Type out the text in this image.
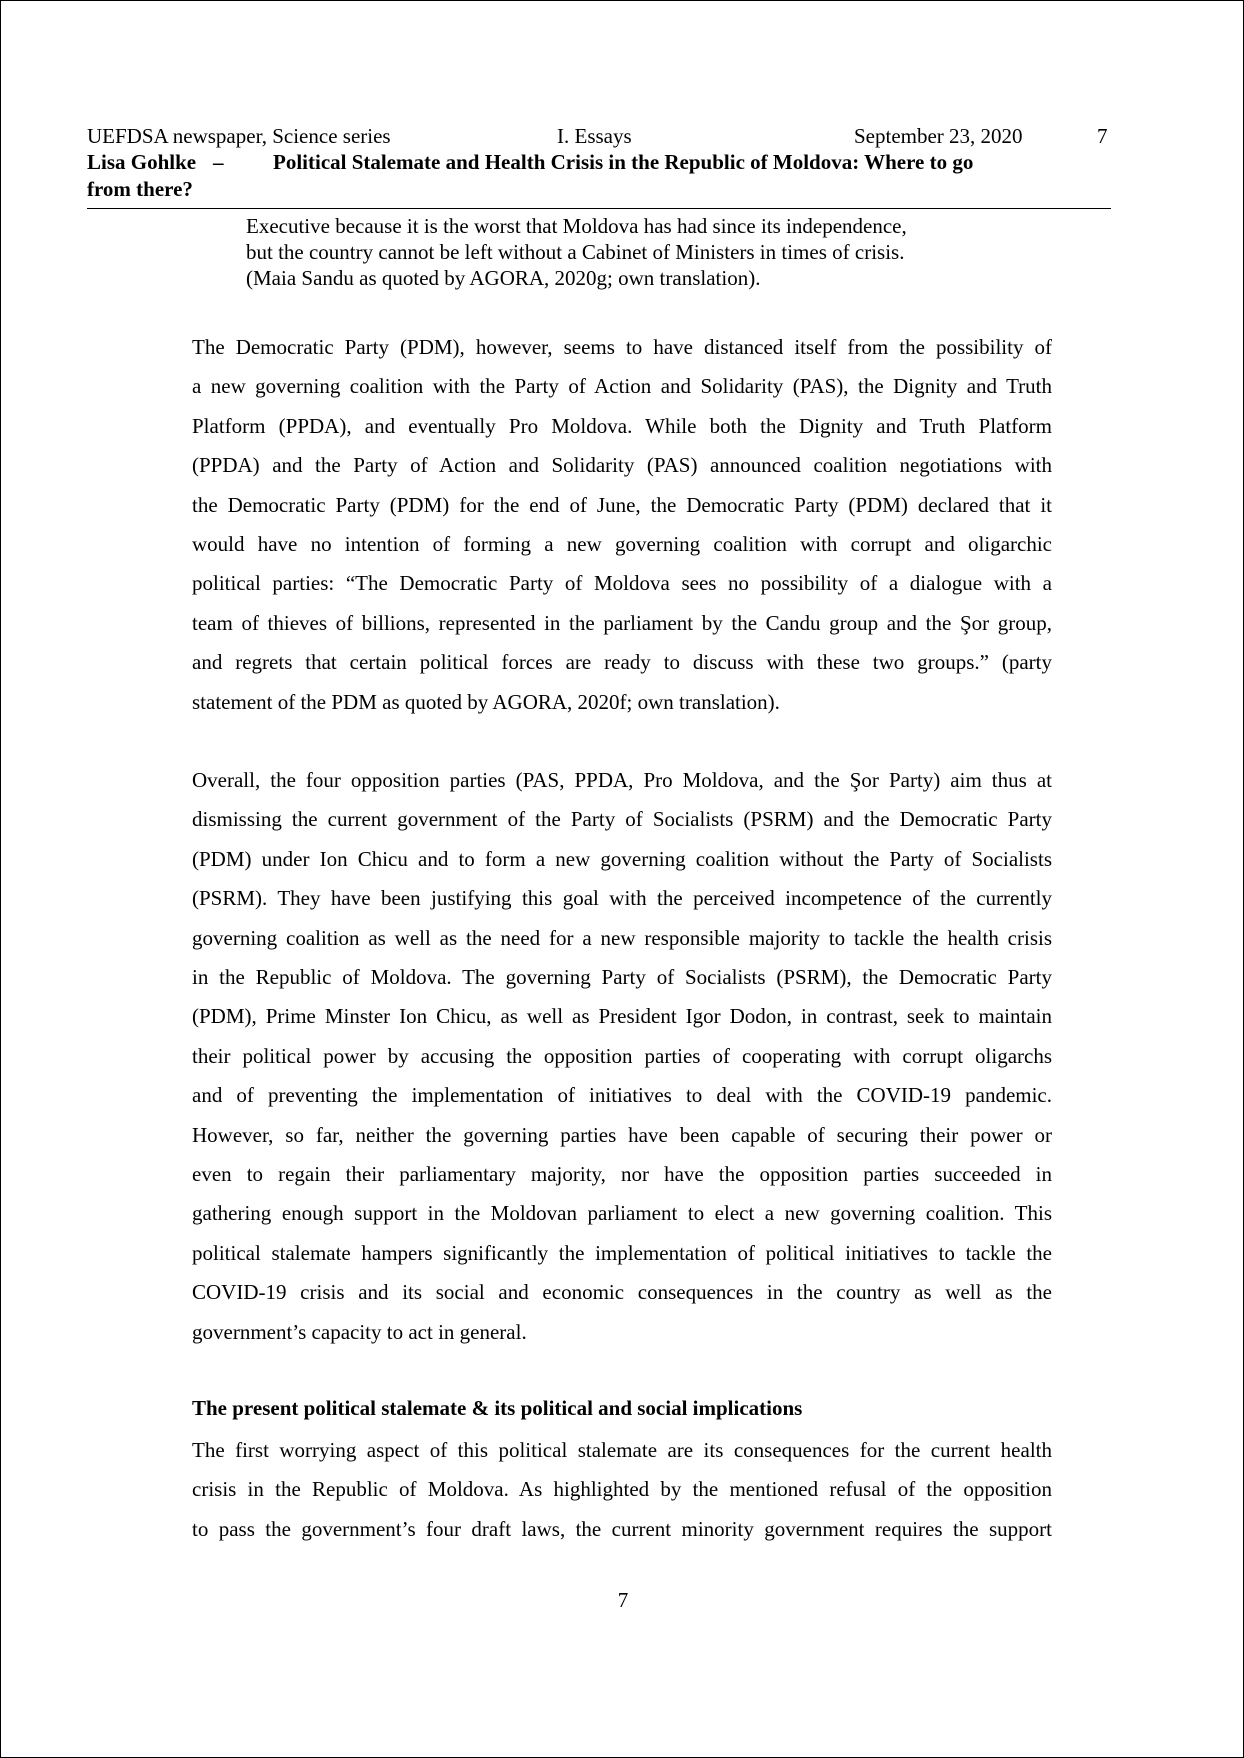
UEFDSA newspaper, Science series	I. Essays	September 23, 2020	7
Lisa Gohlke – Political Stalemate and Health Crisis in the Republic of Moldova: Where to go
from there?
Executive because it is the worst that Moldova has had since its independence,
but the country cannot be left without a Cabinet of Ministers in times of crisis.
(Maia Sandu as quoted by AGORA, 2020g; own translation).
The Democratic Party (PDM), however, seems to have distanced itself from the possibility of
a new governing coalition with the Party of Action and Solidarity (PAS), the Dignity and Truth
Platform (PPDA), and eventually Pro Moldova. While both the Dignity and Truth Platform
(PPDA) and the Party of Action and Solidarity (PAS) announced coalition negotiations with
the Democratic Party (PDM) for the end of June, the Democratic Party (PDM) declared that it
would have no intention of forming a new governing coalition with corrupt and oligarchic
political parties: “The Democratic Party of Moldova sees no possibility of a dialogue with a
team of thieves of billions, represented in the parliament by the Candu group and the Şor group,
and regrets that certain political forces are ready to discuss with these two groups.” (party
statement of the PDM as quoted by AGORA, 2020f; own translation).
Overall, the four opposition parties (PAS, PPDA, Pro Moldova, and the Şor Party) aim thus at
dismissing the current government of the Party of Socialists (PSRM) and the Democratic Party
(PDM) under Ion Chicu and to form a new governing coalition without the Party of Socialists
(PSRM). They have been justifying this goal with the perceived incompetence of the currently
governing coalition as well as the need for a new responsible majority to tackle the health crisis
in the Republic of Moldova. The governing Party of Socialists (PSRM), the Democratic Party
(PDM), Prime Minster Ion Chicu, as well as President Igor Dodon, in contrast, seek to maintain
their political power by accusing the opposition parties of cooperating with corrupt oligarchs
and of preventing the implementation of initiatives to deal with the COVID-19 pandemic.
However, so far, neither the governing parties have been capable of securing their power or
even to regain their parliamentary majority, nor have the opposition parties succeeded in
gathering enough support in the Moldovan parliament to elect a new governing coalition. This
political stalemate hampers significantly the implementation of political initiatives to tackle the
COVID-19 crisis and its social and economic consequences in the country as well as the
government’s capacity to act in general.
The present political stalemate & its political and social implications
The first worrying aspect of this political stalemate are its consequences for the current health
crisis in the Republic of Moldova. As highlighted by the mentioned refusal of the opposition
to pass the government’s four draft laws, the current minority government requires the support
7
